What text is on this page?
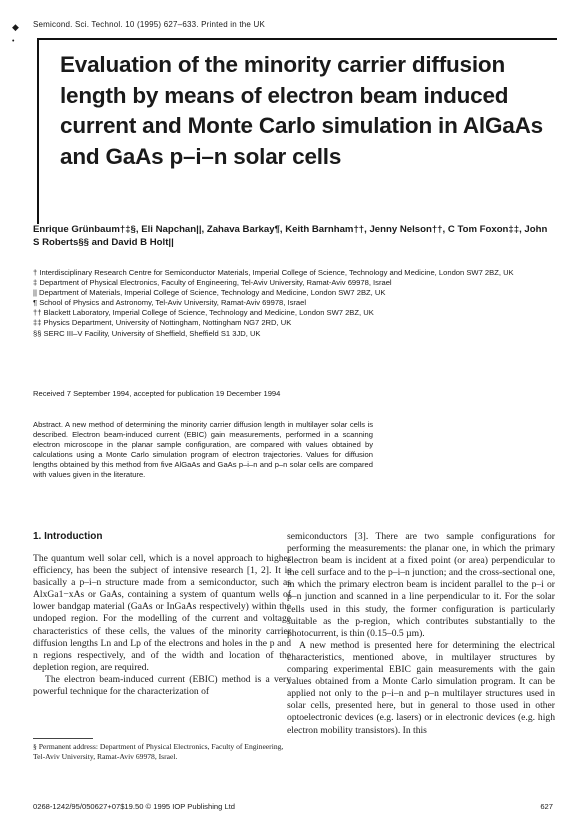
◆
•
Semicond. Sci. Technol. 10 (1995) 627–633. Printed in the UK
Evaluation of the minority carrier diffusion length by means of electron beam induced current and Monte Carlo simulation in AlGaAs and GaAs p–i–n solar cells
Enrique Grünbaum†‡§, Eli Napchan||, Zahava Barkay¶, Keith Barnham††, Jenny Nelson††, C Tom Foxon‡‡, John S Roberts§§ and David B Holt||

† Interdisciplinary Research Centre for Semiconductor Materials, Imperial College of Science, Technology and Medicine, London SW7 2BZ, UK

‡ Department of Physical Electronics, Faculty of Engineering, Tel-Aviv University, Ramat-Aviv 69978, Israel

|| Department of Materials, Imperial College of Science, Technology and Medicine, London SW7 2BZ, UK

¶ School of Physics and Astronomy, Tel-Aviv University, Ramat-Aviv 69978, Israel

†† Blackett Laboratory, Imperial College of Science, Technology and Medicine, London SW7 2BZ, UK

‡‡ Physics Department, University of Nottingham, Nottingham NG7 2RD, UK

§§ SERC III–V Facility, University of Sheffield, Sheffield S1 3JD, UK

Received 7 September 1994, accepted for publication 19 December 1994
Abstract. A new method of determining the minority carrier diffusion length in multilayer solar cells is described. Electron beam-induced current (EBIC) gain measurements, performed in a scanning electron microscope in the planar sample configuration, are compared with values obtained by calculations using a Monte Carlo simulation program of electron trajectories. Values for diffusion lengths obtained by this method from five AlGaAs and GaAs p–i–n and p–n solar cells are compared with values given in the literature.
1. Introduction

The quantum well solar cell, which is a novel approach to higher efficiency, has been the subject of intensive research [1, 2]. It is basically a p–i–n structure made from a semiconductor, such as AlxGa1−xAs or GaAs, containing a system of quantum wells of lower bandgap material (GaAs or InGaAs respectively) within the undoped region. For the modelling of the current and voltage characteristics of these cells, the values of the minority carrier diffusion lengths Ln and Lp of the electrons and holes in the p and n regions respectively, and of the width and location of the depletion region, are required.

The electron beam-induced current (EBIC) method is a very powerful technique for the characterization of

semiconductors [3]. There are two sample configurations for performing the measurements: the planar one, in which the primary electron beam is incident at a fixed point (or area) perpendicular to the cell surface and to the p–i–n junction; and the cross-sectional one, in which the primary electron beam is incident parallel to the p–i or p–n junction and scanned in a line perpendicular to it. For the solar cells used in this study, the former configuration is particularly suitable as the p-region, which contributes substantially to the photocurrent, is thin (0.15–0.5 µm).

A new method is presented here for determining the electrical characteristics, mentioned above, in multilayer structures by comparing experimental EBIC gain measurements with the gain values obtained from a Monte Carlo simulation program. It can be applied not only to the p–i–n and p–n multilayer structures used in solar cells, presented here, but in general to those used in other optoelectronic devices (e.g. lasers) or in electronic devices (e.g. high electron mobility transistors). In this

§ Permanent address: Department of Physical Electronics, Faculty of Engineering, Tel-Aviv University, Ramat-Aviv 69978, Israel.
0268-1242/95/050627+07$19.50 © 1995 IOP Publishing Ltd	627
